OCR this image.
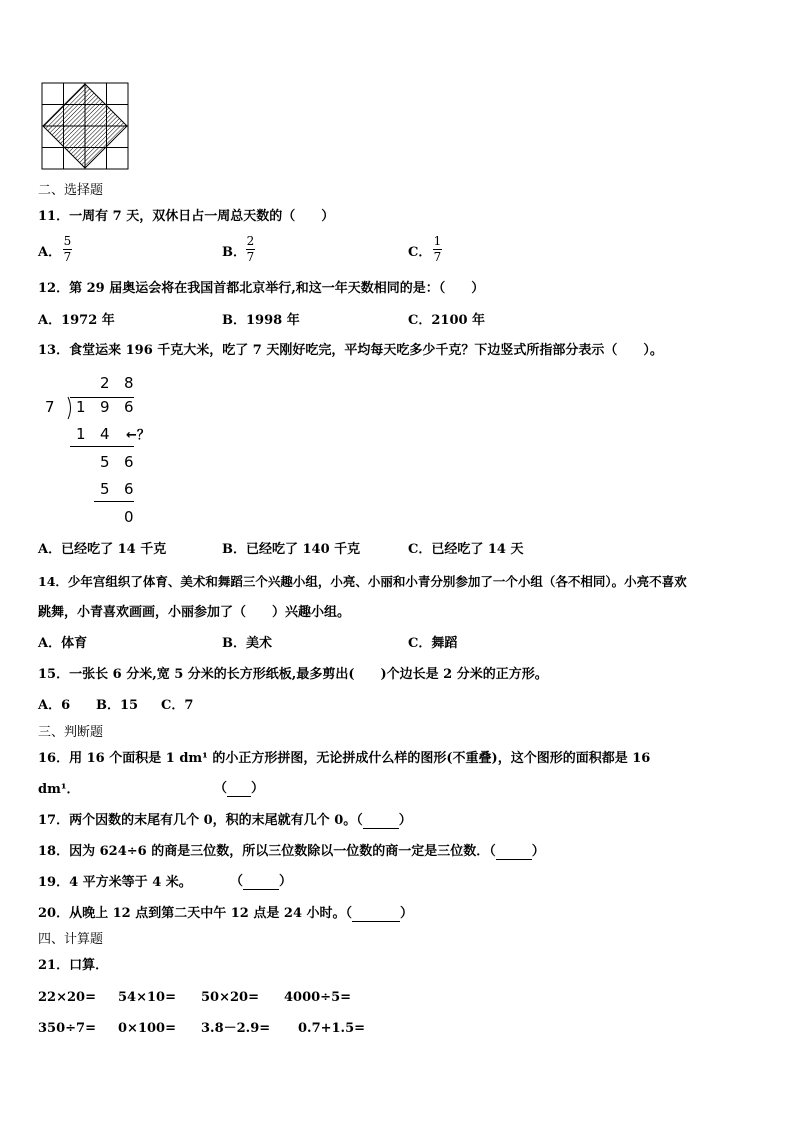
二、选择题
11．一周有 7 天，双休日占一周总天数的（　　）
A．
5
7	B．
2
7	C．
1
7
12．第 29 届奥运会将在我国首都北京举行,和这一年天数相同的是：（　　）
A．1972 年	B．1998 年	C．2100 年
13．食堂运来 196 千克大米，吃了 7 天刚好吃完，平均每天吃多少千克？下边竖式所指部分表示（　　）。
2 8
7 1 9 6
1 4 ←？
5 6
5 6
0
A．已经吃了 14 千克	B．已经吃了 140 千克	C．已经吃了 14 天
14．少年宫组织了体育、美术和舞蹈三个兴趣小组，小亮、小丽和小青分别参加了一个小组（各不相同）。小亮不喜欢
跳舞，小青喜欢画画，小丽参加了（　　）兴趣小组。
A．体育	B．美术	C．舞蹈
15．一张长 6 分米,宽 5 分米的长方形纸板,最多剪出(　　)个边长是 2 分米的正方形。
A．6 B．15 C．7
三、判断题
16．用 16 个面积是 1 dm¹ 的小正方形拼图，无论拼成什么样的图形(不重叠)，这个图形的面积都是 16
dm¹．	（ ）
17．两个因数的末尾有几个 0，积的末尾就有几个 0。（	）
18．因为 624÷6 的商是三位数，所以三位数除以一位数的商一定是三位数．（	）
19．4 平方米等于 4 米。	（	）
20．从晚上 12 点到第二天中午 12 点是 24 小时。（	）
四、计算题
21．口算．
22×20= 54×10= 50×20= 4000÷5=
350÷7= 0×100= 3.8－2.9= 0.7+1.5=
